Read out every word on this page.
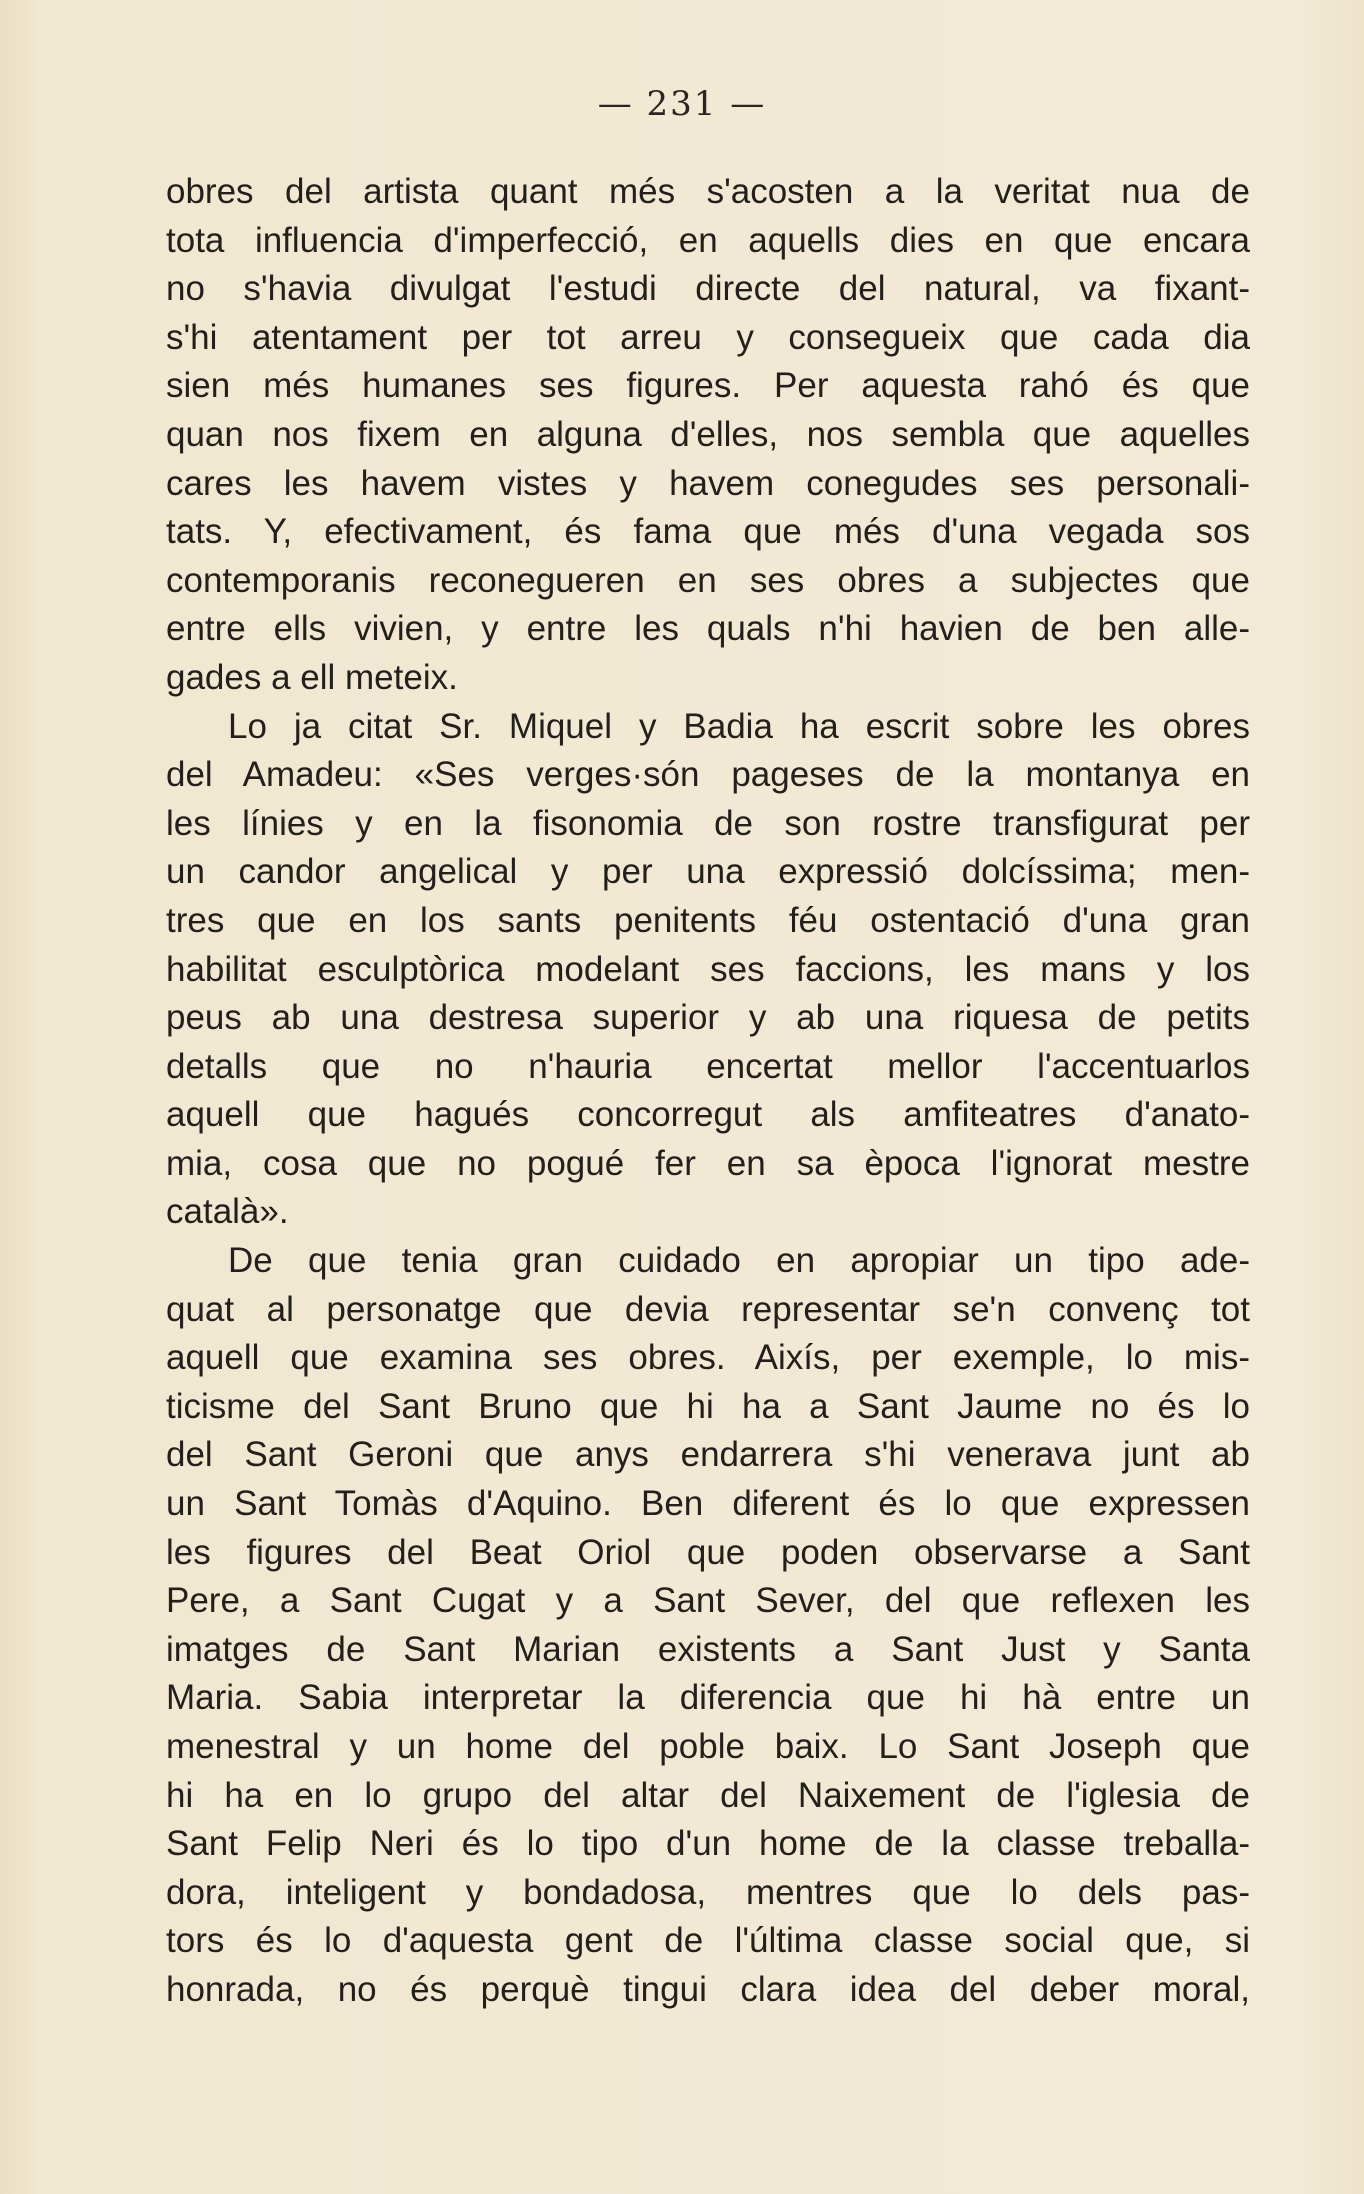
— 231 —
obres del artista quant més s'acosten a la veritat nua de
tota influencia d'imperfecció, en aquells dies en que encara
no s'havia divulgat l'estudi directe del natural, va fixant-
s'hi atentament per tot arreu y consegueix que cada dia
sien més humanes ses figures. Per aquesta rahó és que
quan nos fixem en alguna d'elles, nos sembla que aquelles
cares les havem vistes y havem conegudes ses personali-
tats. Y, efectivament, és fama que més d'una vegada sos
contemporanis reconegueren en ses obres a subjectes que
entre ells vivien, y entre les quals n'hi havien de ben alle-
gades a ell meteix.
Lo ja citat Sr. Miquel y Badia ha escrit sobre les obres
del Amadeu: «Ses verges·són pageses de la montanya en
les línies y en la fisonomia de son rostre transfigurat per
un candor angelical y per una expressió dolcíssima; men-
tres que en los sants penitents féu ostentació d'una gran
habilitat esculptòrica modelant ses faccions, les mans y los
peus ab una destresa superior y ab una riquesa de petits
detalls que no n'hauria encertat mellor l'accentuarlos
aquell que hagués concorregut als amfiteatres d'anato-
mia, cosa que no pogué fer en sa època l'ignorat mestre
català».
De que tenia gran cuidado en apropiar un tipo ade-
quat al personatge que devia representar se'n convenç tot
aquell que examina ses obres. Aixís, per exemple, lo mis-
ticisme del Sant Bruno que hi ha a Sant Jaume no és lo
del Sant Geroni que anys endarrera s'hi venerava junt ab
un Sant Tomàs d'Aquino. Ben diferent és lo que expressen
les figures del Beat Oriol que poden observarse a Sant
Pere, a Sant Cugat y a Sant Sever, del que reflexen les
imatges de Sant Marian existents a Sant Just y Santa
Maria. Sabia interpretar la diferencia que hi hà entre un
menestral y un home del poble baix. Lo Sant Joseph que
hi ha en lo grupo del altar del Naixement de l'iglesia de
Sant Felip Neri és lo tipo d'un home de la classe treballa-
dora, inteligent y bondadosa, mentres que lo dels pas-
tors és lo d'aquesta gent de l'última classe social que, si
honrada, no és perquè tingui clara idea del deber moral,
